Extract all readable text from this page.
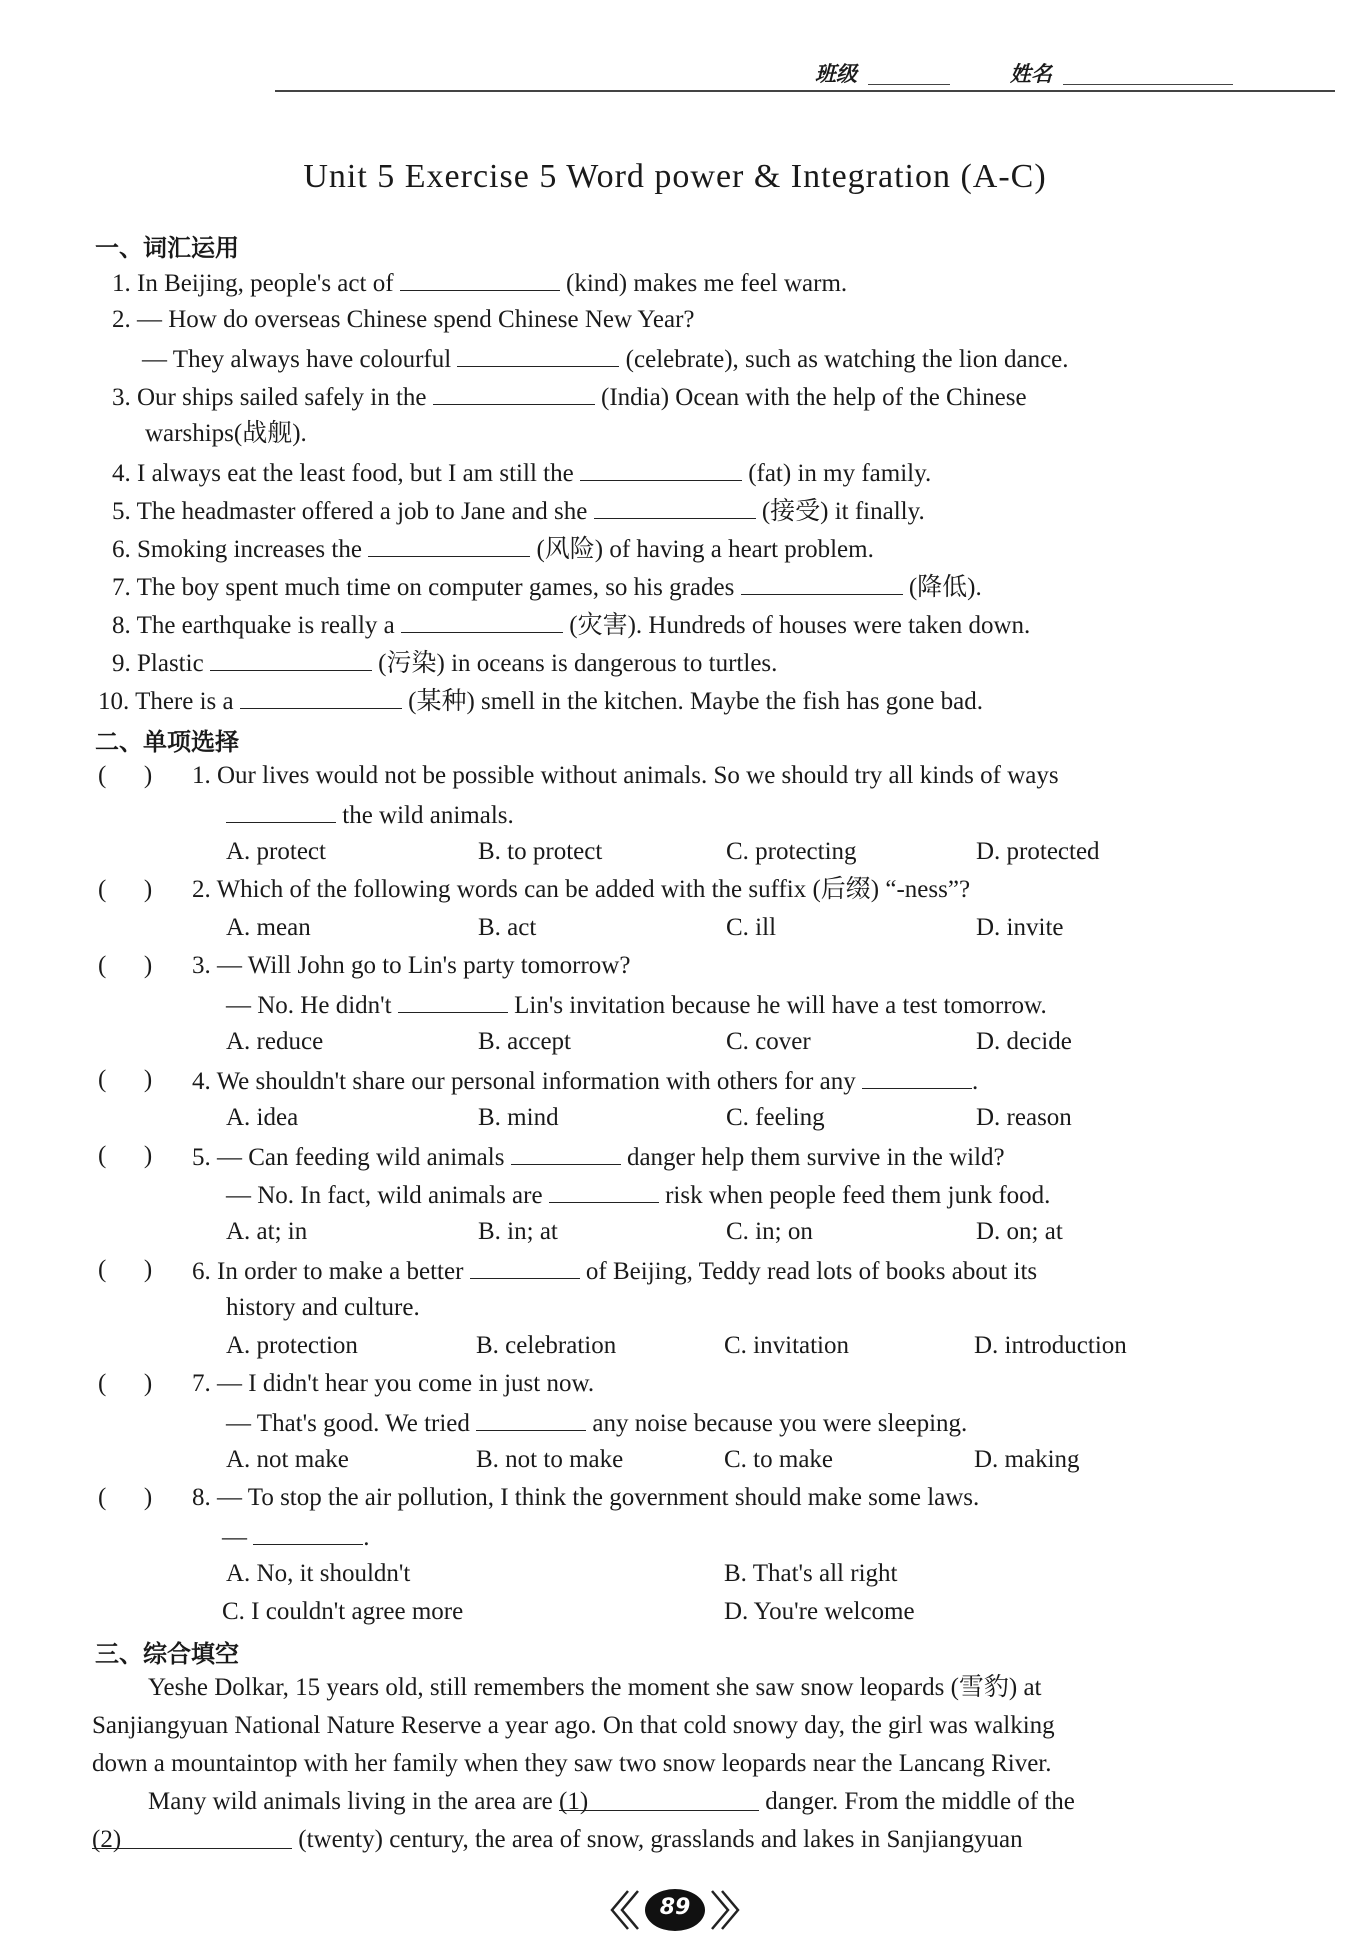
班级	姓名
Unit 5 Exercise 5 Word power & Integration (A-C)
一、词汇运用
1. In Beijing, people's act of	(kind) makes me feel warm.
2. — How do overseas Chinese spend Chinese New Year?
— They always have colourful	(celebrate), such as watching the lion dance.
3. Our ships sailed safely in the	(India) Ocean with the help of the Chinese
warships(战舰).
4. I always eat the least food, but I am still the	(fat) in my family.
5. The headmaster offered a job to Jane and she	(接受) it finally.
6. Smoking increases the	(风险) of having a heart problem.
7. The boy spent much time on computer games, so his grades	(降低).
8. The earthquake is really a	(灾害). Hundreds of houses were taken down.
9. Plastic	(污染) in oceans is dangerous to turtles.
10. There is a	(某种) smell in the kitchen. Maybe the fish has gone bad.
二、单项选择
(      ) 1. Our lives would not be possible without animals. So we should try all kinds of ways
the wild animals.
A. protect	B. to protect	C. protecting	D. protected
(      ) 2. Which of the following words can be added with the suffix (后缀) “-ness”?
A. mean	B. act	C. ill	D. invite
(      ) 3. — Will John go to Lin's party tomorrow?
— No. He didn't	Lin's invitation because he will have a test tomorrow.
A. reduce	B. accept	C. cover	D. decide
(      ) 4. We shouldn't share our personal information with others for any	.
A. idea	B. mind	C. feeling	D. reason
(      ) 5. — Can feeding wild animals	danger help them survive in the wild?
— No. In fact, wild animals are	risk when people feed them junk food.
A. at; in	B. in; at	C. in; on	D. on; at
(      ) 6. In order to make a better	of Beijing, Teddy read lots of books about its
history and culture.
A. protection	B. celebration	C. invitation	D. introduction
(      ) 7. — I didn't hear you come in just now.
— That's good. We tried	any noise because you were sleeping.
A. not make	B. not to make	C. to make	D. making
(      ) 8. — To stop the air pollution, I think the government should make some laws.
—	.
A. No, it shouldn't	B. That's all right
C. I couldn't agree more	D. You're welcome
三、综合填空
Yeshe Dolkar, 15 years old, still remembers the moment she saw snow leopards (雪豹) at
Sanjiangyuan National Nature Reserve a year ago. On that cold snowy day, the girl was walking
down a mountaintop with her family when they saw two snow leopards near the Lancang River.
Many wild animals living in the area are (1)	danger. From the middle of the
(2)	(twenty) century, the area of snow, grasslands and lakes in Sanjiangyuan
89
